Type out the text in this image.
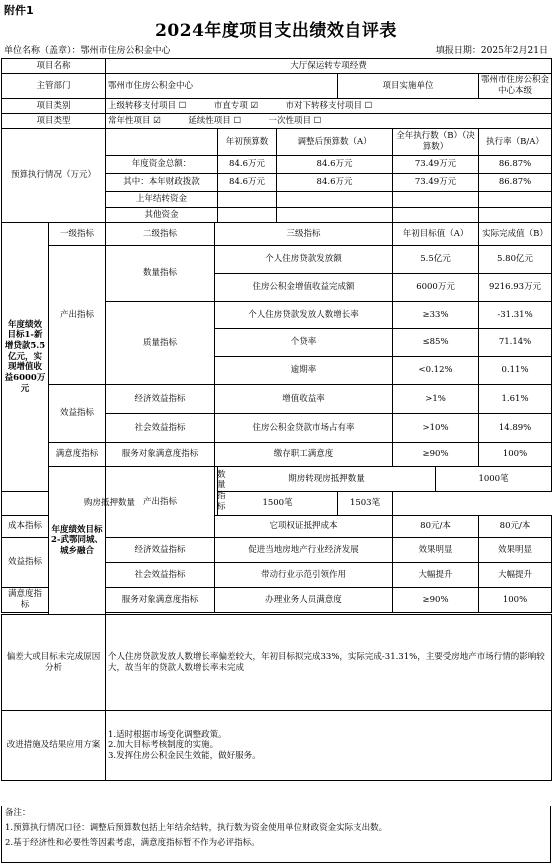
附件1
2024年度项目支出绩效自评表
单位名称（盖章）：鄂州市住房公积金中心	填报日期：2025年2月21日
项目名称		大厅保运转专项经费								
主管部门		鄂州市住房公积金中心				项目实施单位			鄂州市住房公积金中心本级	
项目类别		上级转移支付项目 ☐ 市直专项 ☑ 市对下转移支付项目 ☐								
项目类型		常年性项目 ☑ 延续性项目 ☐ 一次性项目 ☐								
预算执行情况（万元）				年初预算数	调整后预算数（A）		全年执行数（B）（决算数）		执行率（B/A）	
		年度资金总额：		84.6万元	84.6万元		73.49万元		86.87%	
		其中：本年财政拨款		84.6万元	84.6万元		73.49万元		86.87%	
		上年结转资金								
		其他资金								
年度绩效目标1-新增贷款5.5亿元，实现增值收益6000万元	一级指标	二级指标	三级指标				年初目标值（A）		实际完成值（B）	
	产出指标	数量指标	个人住房贷款发放额				5.5亿元		5.80亿元	
			住房公积金增值收益完成额				6000万元		9216.93万元	
		质量指标	个人住房贷款发放人数增长率				≥33%		-31.31%	
			个贷率				≤85%		71.14%	
			逾期率				<0.12%		0.11%	
	效益指标	经济效益指标	增值收益率				>1%		1.61%	
		社会效益指标	住房公积金贷款市场占有率				>10%		14.89%	
	满意度指标	服务对象满意度指标	缴存职工满意度				≥90%		100%	
	年度绩效目标2-武鄂同城、城乡融合	产出指标	数量指标	期房转现房抵押数量				1000笔	
购房抵押数量				1500笔		1503笔				
成本指标			它项权证抵押成本				80元/本		80元/本	
效益指标		经济效益指标	促进当地房地产行业经济发展				效果明显		效果明显	
		社会效益指标	带动行业示范引领作用				大幅提升		大幅提升	
满意度指标		服务对象满意度指标	办理业务人员满意度				≥90%		100%	

偏差大或目标未完成原因分析		个人住房贷款发放人数增长率偏差较大，年初目标拟完成33%，实际完成-31.31%，主要受房地产市场行情的影响较大，故当年的贷款人数增长率未完成								
改进措施及结果应用方案		1.适时根据市场变化调整政策。
2.加大目标考核制度的实施。
3.发挥住房公积金民生效能，做好服务。								
备注：
1.预算执行情况口径：调整后预算数包括上年结余结转，执行数为资金使用单位财政资金实际支出数。
2.基于经济性和必要性等因素考虑，满意度指标暂不作为必评指标。
